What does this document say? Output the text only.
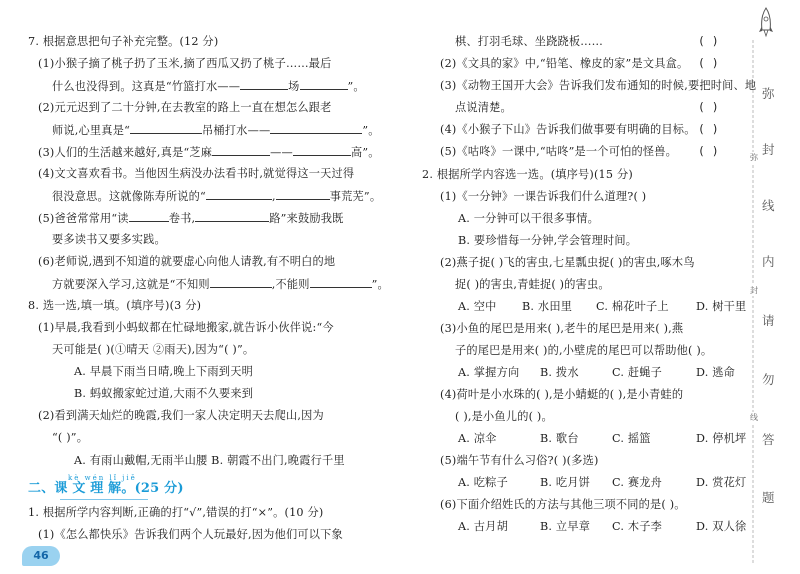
7. 根据意思把句子补充完整。(12 分)
(1)小猴子摘了桃子扔了玉米,摘了西瓜又扔了桃子……最后
什么也没得到。这真是“竹篮打水——	场	”。
(2)元元迟到了二十分钟,在去教室的路上一直在想怎么跟老
师说,心里真是“	吊桶打水——	”。
(3)人们的生活越来越好,真是“芝麻	——	高”。
(4)文文喜欢看书。当他因生病没办法看书时,就觉得这一天过得
很没意思。这就像陈寿所说的“	,	事荒芜”。
(5)爸爸常常用“读	卷书,	路”来鼓励我既
要多读书又要多实践。
(6)老师说,遇到不知道的就要虚心向他人请教,有不明白的地
方就要深入学习,这就是“不知则	,不能则	”。
8. 选一选,填一填。(填序号)(3 分)
(1)早晨,我看到小蚂蚁都在忙碌地搬家,就告诉小伙伴说:“今
天可能是( )(①晴天 ②雨天),因为“( )”。
A. 早晨下雨当日晴,晚上下雨到天明
B. 蚂蚁搬家蛇过道,大雨不久要来到
(2)看到满天灿烂的晚霞,我们一家人决定明天去爬山,因为
“( )”。
A. 有雨山戴帽,无雨半山腰 B. 朝霞不出门,晚霞行千里
kè wén lǐ jiě
二、课 文 理 解。(25 分)
1. 根据所学内容判断,正确的打“√”,错误的打“×”。(10 分)
(1)《怎么都快乐》告诉我们两个人玩最好,因为他们可以下象
46
棋、打羽毛球、坐跷跷板……	( )
(2)《文具的家》中,“铅笔、橡皮的家”是文具盒。 ( )
(3)《动物王国开大会》告诉我们发布通知的时候,要把时间、地
点说清楚。	( )
(4)《小猴子下山》告诉我们做事要有明确的目标。 ( )
(5)《咕咚》一课中,“咕咚”是一个可怕的怪兽。 ( )
2. 根据所学内容选一选。(填序号)(15 分)
(1)《一分钟》一课告诉我们什么道理?( )
A. 一分钟可以干很多事情。
B. 要珍惜每一分钟,学会管理时间。
(2)燕子捉( )飞的害虫,七星瓢虫捉( )的害虫,啄木鸟
捉( )的害虫,青蛙捉( )的害虫。
A. 空中 B. 水田里 C. 棉花叶子上 D. 树干里
(3)小鱼的尾巴是用来( ),老牛的尾巴是用来( ),燕
子的尾巴是用来( )的,小壁虎的尾巴可以帮助他( )。
A. 掌握方向 B. 拨水	C. 赶蝇子	D. 逃命
(4)荷叶是小水珠的( ),是小蜻蜓的( ),是小青蛙的
( ),是小鱼儿的( )。
A. 凉伞	B. 歌台	C. 摇篮	D. 停机坪
(5)端午节有什么习俗?( )(多选)
A. 吃粽子	B. 吃月饼 C. 赛龙舟	D. 赏花灯
(6)下面介绍姓氏的方法与其他三项不同的是( )。
A. 古月胡	B. 立早章 C. 木子李	D. 双人徐
弥
封
线
内
请
勿
答
题
弥
封
线
